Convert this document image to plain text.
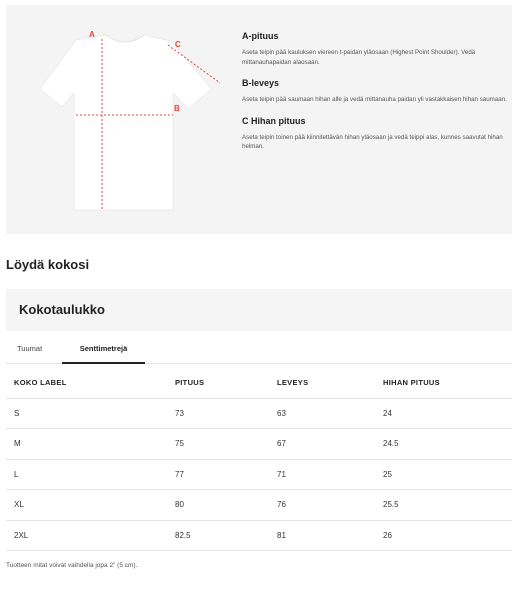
A
B
C
A-pituus
Aseta teipin pää kauluksen viereen t-paidan yläosaan (Highest Point Shoulder). Vedä mittanauhapaidan alaosaan.
B-leveys
Aseta teipin pää saumaan hihan alle ja vedä mittanauha paidan yli vastakkaisen hihan saumaan.
C Hihan pituus
Aseta teipin toinen pää kiinnitettävän hihan yläosaan ja vedä teippi alas, kunnes saavutat hihan helman.
Löydä kokosi
Kokotaulukko
Tuumat	Senttimetrejä
KOKO LABEL	PITUUS	LEVEYS	HIHAN PITUUS
S	73	63	24
M	75	67	24.5
L	77	71	25
XL	80	76	25.5
2XL	82.5	81	26
Tuotteen mitat voivat vaihdella jopa 2" (5 cm).
